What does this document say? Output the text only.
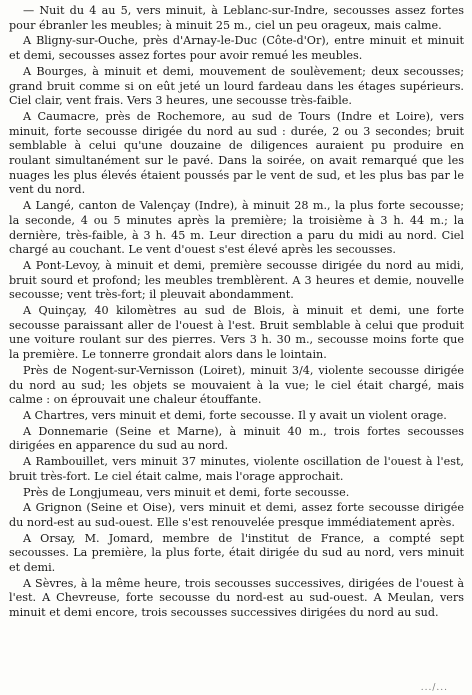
— Nuit du 4 au 5, vers minuit, à Leblanc-sur-Indre, secousses assez fortes pour ébranler les meubles; à minuit 25 m., ciel un peu orageux, mais calme.

A Bligny-sur-Ouche, près d'Arnay-le-Duc (Côte-d'Or), entre minuit et minuit et demi, secousses assez fortes pour avoir remué les meubles.

A Bourges, à minuit et demi, mouvement de soulèvement; deux secousses; grand bruit comme si on eût jeté un lourd fardeau dans les étages supérieurs. Ciel clair, vent frais. Vers 3 heures, une secousse très-faible.

A Caumacre, près de Rochemore, au sud de Tours (Indre et Loire), vers minuit, forte secousse dirigée du nord au sud : durée, 2 ou 3 secondes; bruit semblable à celui qu'une douzaine de diligences auraient pu produire en roulant simultanément sur le pavé. Dans la soirée, on avait remarqué que les nuages les plus élevés étaient poussés par le vent de sud, et les plus bas par le vent du nord.

A Langé, canton de Valençay (Indre), à minuit 28 m., la plus forte secousse; la seconde, 4 ou 5 minutes après la première; la troisième à 3 h. 44 m.; la dernière, très-faible, à 3 h. 45 m. Leur direction a paru du midi au nord. Ciel chargé au couchant. Le vent d'ouest s'est élevé après les secousses.

A Pont-Levoy, à minuit et demi, première secousse dirigée du nord au midi, bruit sourd et profond; les meubles tremblèrent. A 3 heures et demie, nouvelle secousse; vent très-fort; il pleuvait abondamment.

A Quinçay, 40 kilomètres au sud de Blois, à minuit et demi, une forte secousse paraissant aller de l'ouest à l'est. Bruit semblable à celui que produit une voiture roulant sur des pierres. Vers 3 h. 30 m., secousse moins forte que la première. Le tonnerre grondait alors dans le lointain.

Près de Nogent-sur-Vernisson (Loiret), minuit 3/4, violente secousse dirigée du nord au sud; les objets se mouvaient à la vue; le ciel était chargé, mais calme : on éprouvait une chaleur étouffante.

A Chartres, vers minuit et demi, forte secousse. Il y avait un violent orage.

A Donnemarie (Seine et Marne), à minuit 40 m., trois fortes secousses dirigées en apparence du sud au nord.

A Rambouillet, vers minuit 37 minutes, violente oscillation de l'ouest à l'est, bruit très-fort. Le ciel était calme, mais l'orage approchait.

Près de Longjumeau, vers minuit et demi, forte secousse.

A Grignon (Seine et Oise), vers minuit et demi, assez forte secousse dirigée du nord-est au sud-ouest. Elle s'est renouvelée presque immédiatement après.

A Orsay, M. Jomard, membre de l'institut de France, a compté sept secousses. La première, la plus forte, était dirigée du sud au nord, vers minuit et demi.

A Sèvres, à la même heure, trois secousses successives, dirigées de l'ouest à l'est. A Chevreuse, forte secousse du nord-est au sud-ouest. A Meulan, vers minuit et demi encore, trois secousses successives dirigées du nord au sud.

.../...
